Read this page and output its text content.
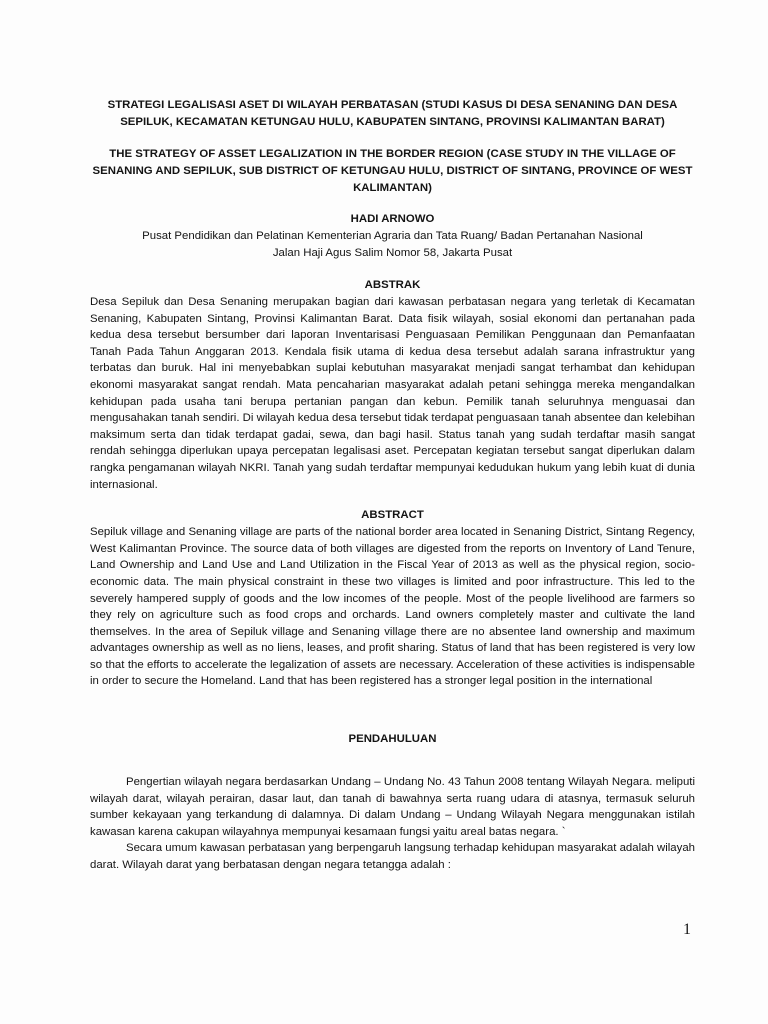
STRATEGI LEGALISASI ASET DI WILAYAH PERBATASAN (STUDI KASUS DI DESA SENANING DAN DESA SEPILUK, KECAMATAN KETUNGAU HULU, KABUPATEN SINTANG, PROVINSI KALIMANTAN BARAT)

THE STRATEGY OF ASSET LEGALIZATION IN THE BORDER REGION (CASE STUDY IN THE VILLAGE OF SENANING AND SEPILUK, SUB DISTRICT OF KETUNGAU HULU, DISTRICT OF SINTANG, PROVINCE OF WEST KALIMANTAN)

HADI ARNOWO

Pusat Pendidikan dan Pelatinan Kementerian Agraria dan Tata Ruang/ Badan Pertanahan Nasional

Jalan Haji Agus Salim Nomor 58, Jakarta Pusat

ABSTRAK

Desa Sepiluk dan Desa Senaning merupakan bagian dari kawasan perbatasan negara yang terletak di Kecamatan Senaning, Kabupaten Sintang, Provinsi Kalimantan Barat. Data fisik wilayah, sosial ekonomi dan pertanahan pada kedua desa tersebut bersumber dari laporan Inventarisasi Penguasaan Pemilikan Penggunaan dan Pemanfaatan Tanah Pada Tahun Anggaran 2013. Kendala fisik utama di kedua desa tersebut adalah sarana infrastruktur yang terbatas dan buruk. Hal ini menyebabkan suplai kebutuhan masyarakat menjadi sangat terhambat dan kehidupan ekonomi masyarakat sangat rendah. Mata pencaharian masyarakat adalah petani sehingga mereka mengandalkan kehidupan pada usaha tani berupa pertanian pangan dan kebun. Pemilik tanah seluruhnya menguasai dan mengusahakan tanah sendiri. Di wilayah kedua desa tersebut tidak terdapat penguasaan tanah absentee dan kelebihan maksimum serta dan tidak terdapat gadai, sewa, dan bagi hasil. Status tanah yang sudah terdaftar masih sangat rendah sehingga diperlukan upaya percepatan legalisasi aset. Percepatan kegiatan tersebut sangat diperlukan dalam rangka pengamanan wilayah NKRI. Tanah yang sudah terdaftar mempunyai kedudukan hukum yang lebih kuat di dunia internasional.

ABSTRACT

Sepiluk village and Senaning village are parts of the national border area located in Senaning District, Sintang Regency, West Kalimantan Province. The source data of both villages are digested from the reports on Inventory of Land Tenure, Land Ownership and Land Use and Land Utilization in the Fiscal Year of 2013 as well as the physical region, socio-economic data. The main physical constraint in these two villages is limited and poor infrastructure. This led to the severely hampered supply of goods and the low incomes of the people. Most of the people livelihood are farmers so they rely on agriculture such as food crops and orchards. Land owners completely master and cultivate the land themselves. In the area of Sepiluk village and Senaning village there are no absentee land ownership and maximum advantages ownership as well as no liens, leases, and profit sharing. Status of land that has been registered is very low so that the efforts to accelerate the legalization of assets are necessary. Acceleration of these activities is indispensable in order to secure the Homeland. Land that has been registered has a stronger legal position in the international

PENDAHULUAN

Pengertian wilayah negara berdasarkan Undang – Undang No. 43 Tahun 2008 tentang Wilayah Negara. meliputi wilayah darat, wilayah perairan, dasar laut, dan tanah di bawahnya serta ruang udara di atasnya, termasuk seluruh sumber kekayaan yang terkandung di dalamnya. Di dalam Undang – Undang Wilayah Negara menggunakan istilah kawasan karena cakupan wilayahnya mempunyai kesamaan fungsi yaitu areal batas negara. `

Secara umum kawasan perbatasan yang berpengaruh langsung terhadap kehidupan masyarakat adalah wilayah darat. Wilayah darat yang berbatasan dengan negara tetangga adalah :

1
